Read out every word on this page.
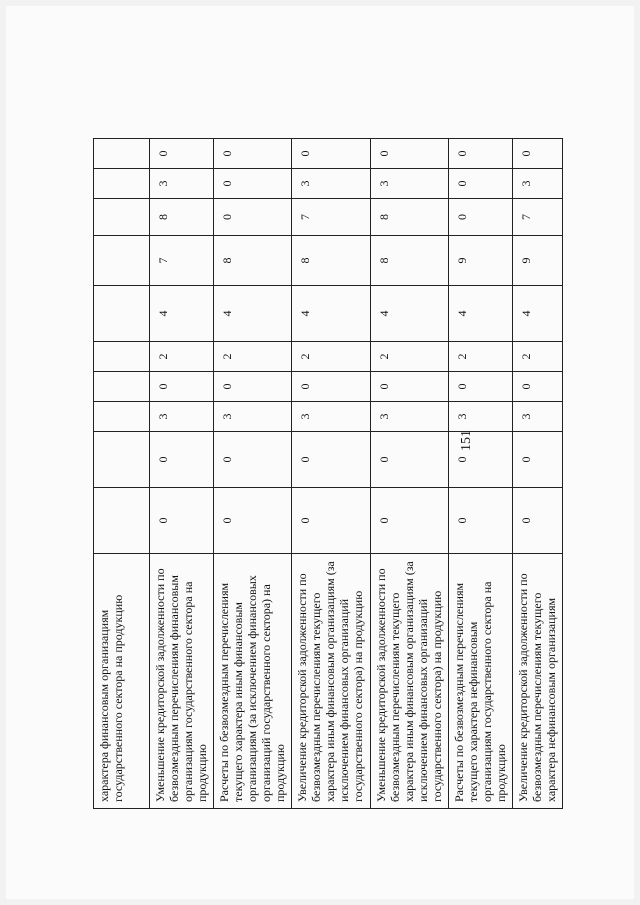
151
характера финансовым организациям государственного сектора на продукцию										
Уменьшение кредиторской задолженности по безвозмездным перечислениям финансовым организациям государственного сектора на продукцию	0	0	3	0	2	4	7	8	3	0
Расчеты по безвозмездным перечислениям текущего характера иным финансовым организациям (за исключением финансовых организаций государственного сектора) на продукцию	0	0	3	0	2	4	8	0	0	0
Увеличение кредиторской задолженности по безвозмездным перечислениям текущего характера иным финансовым организациям (за исключением финансовых организаций государственного сектора) на продукцию	0	0	3	0	2	4	8	7	3	0
Уменьшение кредиторской задолженности по безвозмездным перечислениям текущего характера иным финансовым организациям (за исключением финансовых организаций государственного сектора) на продукцию	0	0	3	0	2	4	8	8	3	0
Расчеты по безвозмездным перечислениям текущего характера нефинансовым организациям государственного сектора на продукцию	0	0	3	0	2	4	9	0	0	0
Увеличение кредиторской задолженности по безвозмездным перечислениям текущего характера нефинансовым организациям	0	0	3	0	2	4	9	7	3	0
